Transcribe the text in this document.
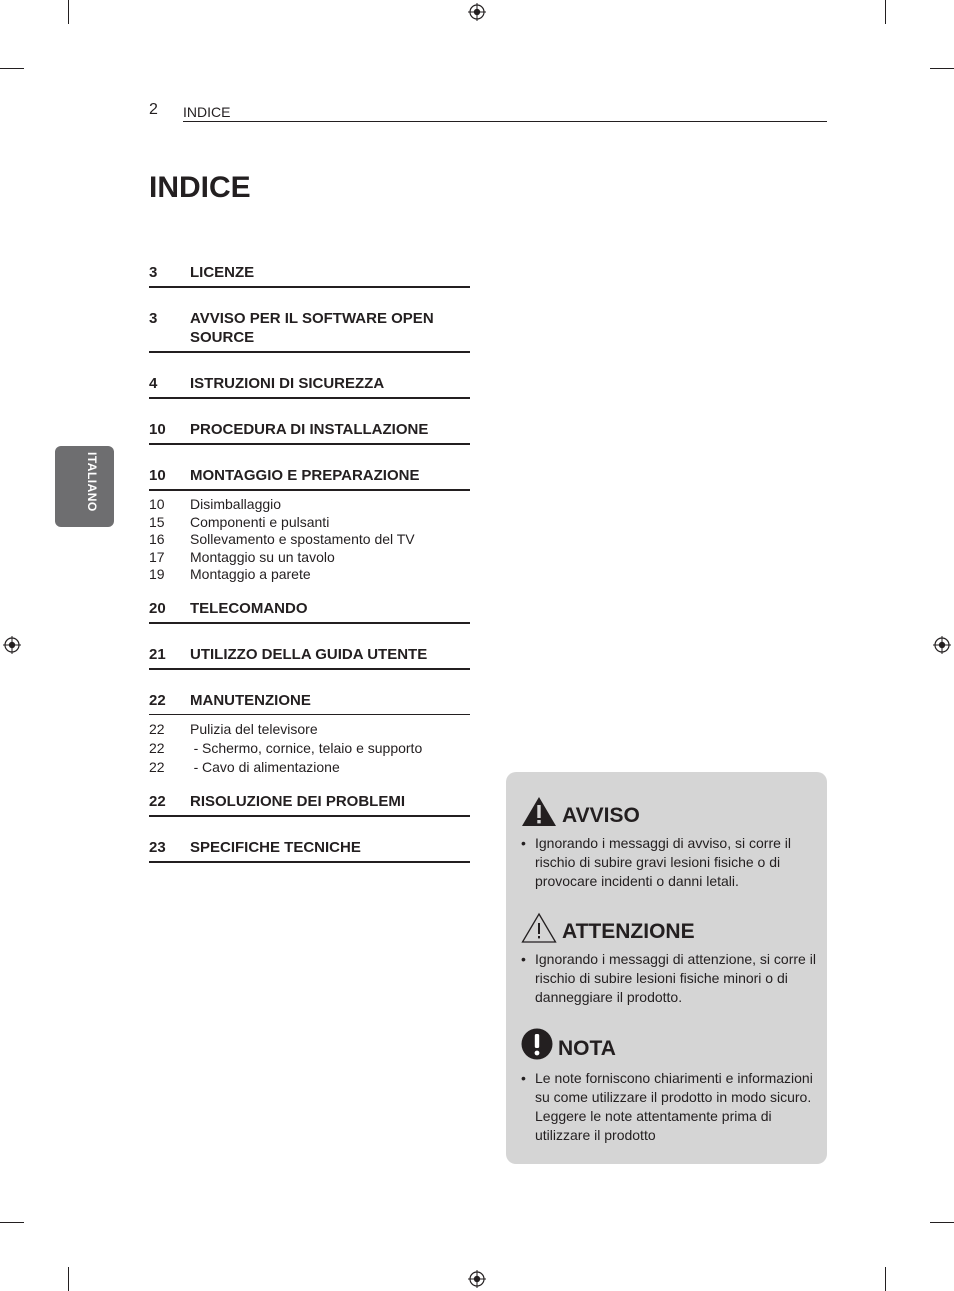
2 INDICE
INDICE
ITALIANO
3	LICENZE
3	AVVISO PER IL SOFTWARE OPEN SOURCE
4	ISTRUZIONI DI SICUREZZA
10	PROCEDURA DI INSTALLAZIONE
10	MONTAGGIO E PREPARAZIONE
10	Disimballaggio
15	Componenti e pulsanti
16	Sollevamento e spostamento del TV
17	Montaggio su un tavolo
19	Montaggio a parete
20	TELECOMANDO
21	UTILIZZO DELLA GUIDA UTENTE
22	MANUTENZIONE
22	Pulizia del televisore
22	- Schermo, cornice, telaio e supporto
22	- Cavo di alimentazione
22	RISOLUZIONE DEI PROBLEMI
23	SPECIFICHE TECNICHE
AVVISO
• Ignorando i messaggi di avviso, si corre il rischio di subire gravi lesioni fisiche o di provocare incidenti o danni letali.
ATTENZIONE
• Ignorando i messaggi di attenzione, si corre il rischio di subire lesioni fisiche minori o di danneggiare il prodotto.
NOTA
• Le note forniscono chiarimenti e informazioni su come utilizzare il prodotto in modo sicuro. Leggere le note attentamente prima di utilizzare il prodotto
